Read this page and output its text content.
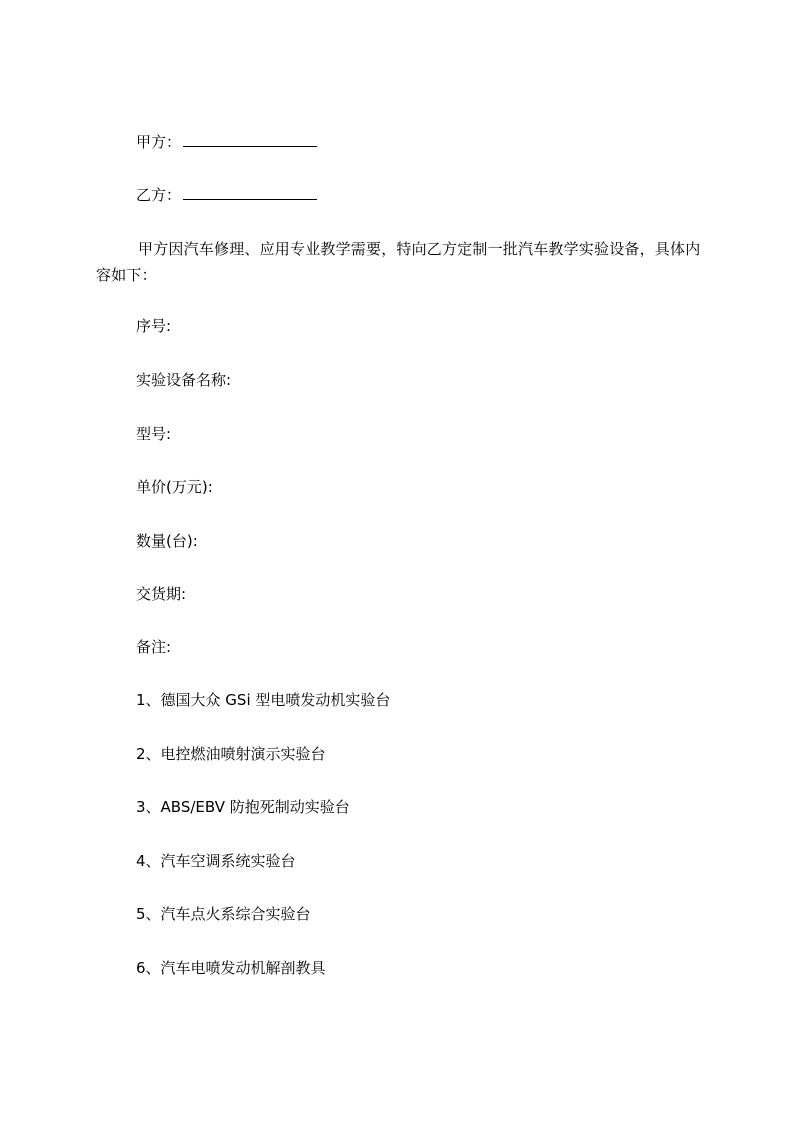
甲方：
乙方：
甲方因汽车修理、应用专业教学需要，特向乙方定制一批汽车教学实验设备，具体内容如下：
序号:
实验设备名称:
型号:
单价(万元):
数量(台):
交货期:
备注:
1、德国大众 GSi 型电喷发动机实验台
2、电控燃油喷射演示实验台
3、ABS/EBV 防抱死制动实验台
4、汽车空调系统实验台
5、汽车点火系综合实验台
6、汽车电喷发动机解剖教具
